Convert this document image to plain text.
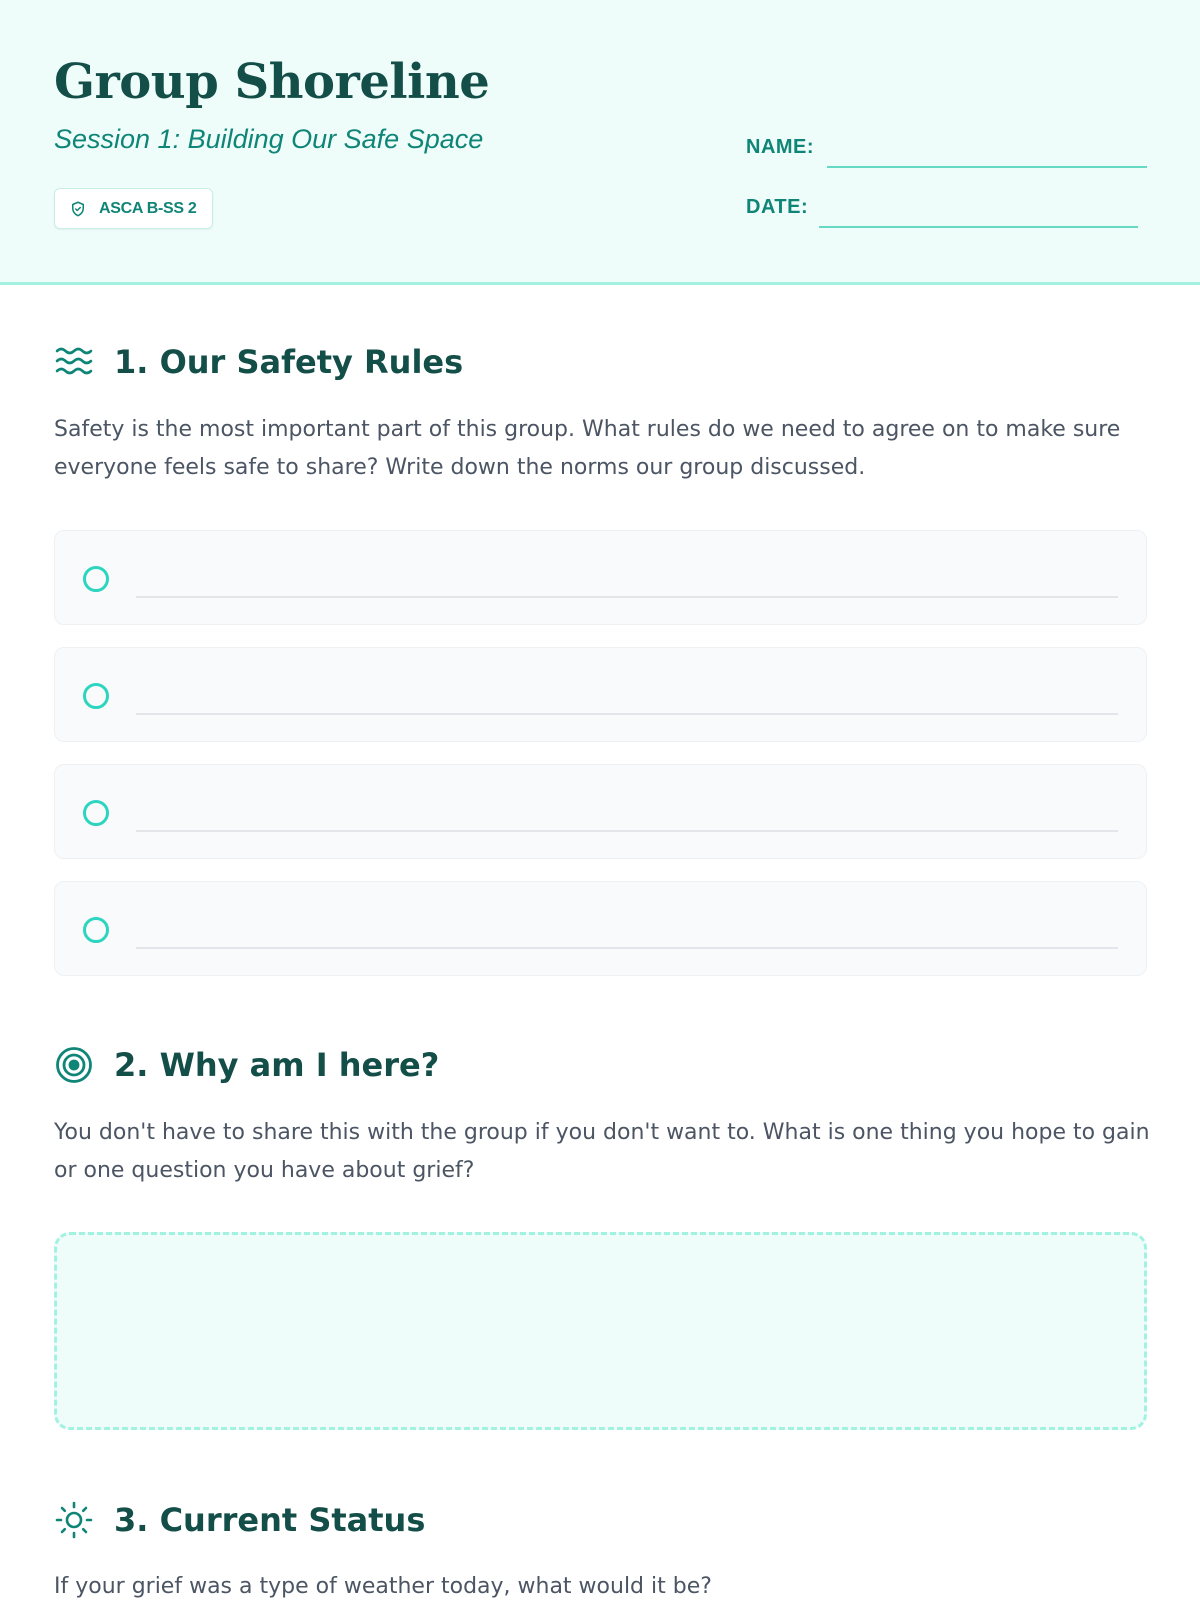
Group Shoreline
Session 1: Building Our Safe Space
ASCA B-SS 2
NAME:
DATE:
1. Our Safety Rules

Safety is the most important part of this group. What rules do we need to agree on to make sure everyone feels safe to share? Write down the norms our group discussed.

2. Why am I here?

You don't have to share this with the group if you don't want to. What is one thing you hope to gain or one question you have about grief?

3. Current Status

If your grief was a type of weather today, what would it be?
